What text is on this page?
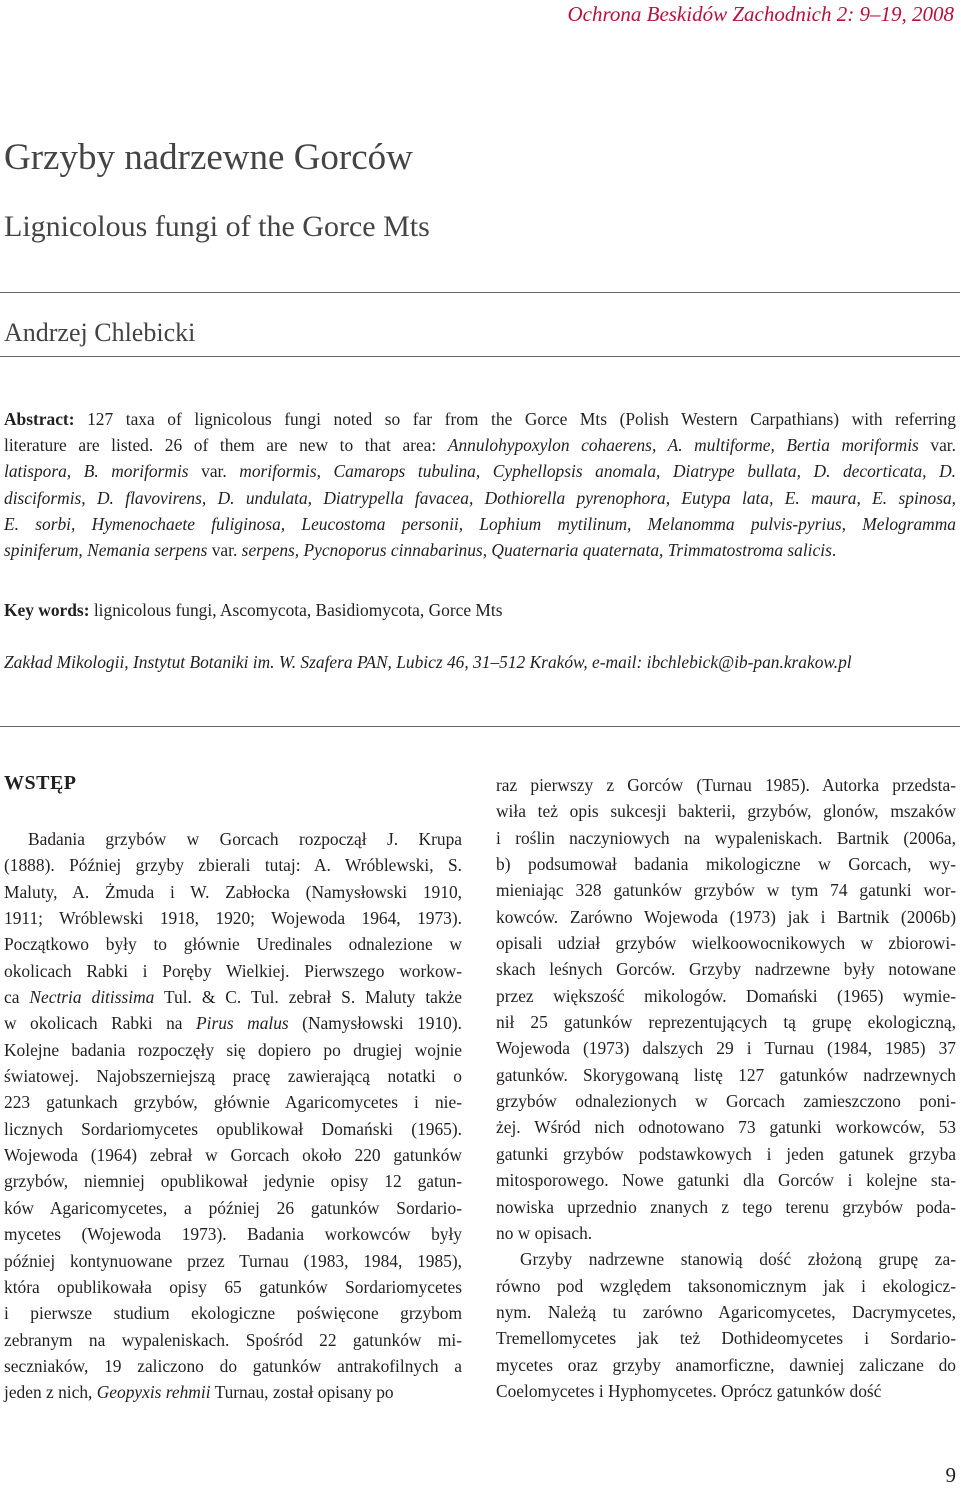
Ochrona Beskidów Zachodnich 2: 9–19, 2008
Grzyby nadrzewne Gorców
Lignicolous fungi of the Gorce Mts
Andrzej Chlebicki
Abstract: 127 taxa of lignicolous fungi noted so far from the Gorce Mts (Polish Western Carpathians) with referring
literature are listed. 26 of them are new to that area: Annulohypoxylon cohaerens, A. multiforme, Bertia moriformis var.
latispora, B. moriformis var. moriformis, Camarops tubulina, Cyphellopsis anomala, Diatrype bullata, D. decorticata, D.
disciformis, D. flavovirens, D. undulata, Diatrypella favacea, Dothiorella pyrenophora, Eutypa lata, E. maura, E. spinosa,
E. sorbi, Hymenochaete fuliginosa, Leucostoma personii, Lophium mytilinum, Melanomma pulvis-pyrius, Melogramma
spiniferum, Nemania serpens var. serpens, Pycnoporus cinnabarinus, Quaternaria quaternata, Trimmatostroma salicis.

Key words: lignicolous fungi, Ascomycota, Basidiomycota, Gorce Mts

Zakład Mikologii, Instytut Botaniki im. W. Szafera PAN, Lubicz 46, 31–512 Kraków, e-mail: ibchlebick@ib-pan.krakow.pl

WSTĘP
Badania grzybów w Gorcach rozpoczął J. Krupa
(1888). Później grzyby zbierali tutaj: A. Wróblewski, S.
Maluty, A. Żmuda i W. Zabłocka (Namysłowski 1910,
1911; Wróblewski 1918, 1920; Wojewoda 1964, 1973).
Początkowo były to głównie Uredinales odnalezione w
okolicach Rabki i Poręby Wielkiej. Pierwszego workow-
ca Nectria ditissima Tul. & C. Tul. zebrał S. Maluty także
w okolicach Rabki na Pirus malus (Namysłowski 1910).
Kolejne badania rozpoczęły się dopiero po drugiej wojnie
światowej. Najobszerniejszą pracę zawierającą notatki o
223 gatunkach grzybów, głównie Agaricomycetes i nie-
licznych Sordariomycetes opublikował Domański (1965).
Wojewoda (1964) zebrał w Gorcach około 220 gatunków
grzybów, niemniej opublikował jedynie opisy 12 gatun-
ków Agaricomycetes, a później 26 gatunków Sordario-
mycetes (Wojewoda 1973). Badania workowców były
później kontynuowane przez Turnau (1983, 1984, 1985),
która opublikowała opisy 65 gatunków Sordariomycetes
i pierwsze studium ekologiczne poświęcone grzybom
zebranym na wypaleniskach. Spośród 22 gatunków mi-
seczniaków, 19 zaliczono do gatunków antrakofilnych a
jeden z nich, Geopyxis rehmii Turnau, został opisany po
raz pierwszy z Gorców (Turnau 1985). Autorka przedsta-
wiła też opis sukcesji bakterii, grzybów, glonów, mszaków
i roślin naczyniowych na wypaleniskach. Bartnik (2006a,
b) podsumował badania mikologiczne w Gorcach, wy-
mieniając 328 gatunków grzybów w tym 74 gatunki wor-
kowców. Zarówno Wojewoda (1973) jak i Bartnik (2006b)
opisali udział grzybów wielkoowocnikowych w zbiorowi-
skach leśnych Gorców. Grzyby nadrzewne były notowane
przez większość mikologów. Domański (1965) wymie-
nił 25 gatunków reprezentujących tą grupę ekologiczną,
Wojewoda (1973) dalszych 29 i Turnau (1984, 1985) 37
gatunków. Skorygowaną listę 127 gatunków nadrzewnych
grzybów odnalezionych w Gorcach zamieszczono poni-
żej. Wśród nich odnotowano 73 gatunki workowców, 53
gatunki grzybów podstawkowych i jeden gatunek grzyba
mitosporowego. Nowe gatunki dla Gorców i kolejne sta-
nowiska uprzednio znanych z tego terenu grzybów poda-
no w opisach.
Grzyby nadrzewne stanowią dość złożoną grupę za-
równo pod względem taksonomicznym jak i ekologicz-
nym. Należą tu zarówno Agaricomycetes, Dacrymycetes,
Tremellomycetes jak też Dothideomycetes i Sordario-
mycetes oraz grzyby anamorficzne, dawniej zaliczane do
Coelomycetes i Hyphomycetes. Oprócz gatunków dość
9
